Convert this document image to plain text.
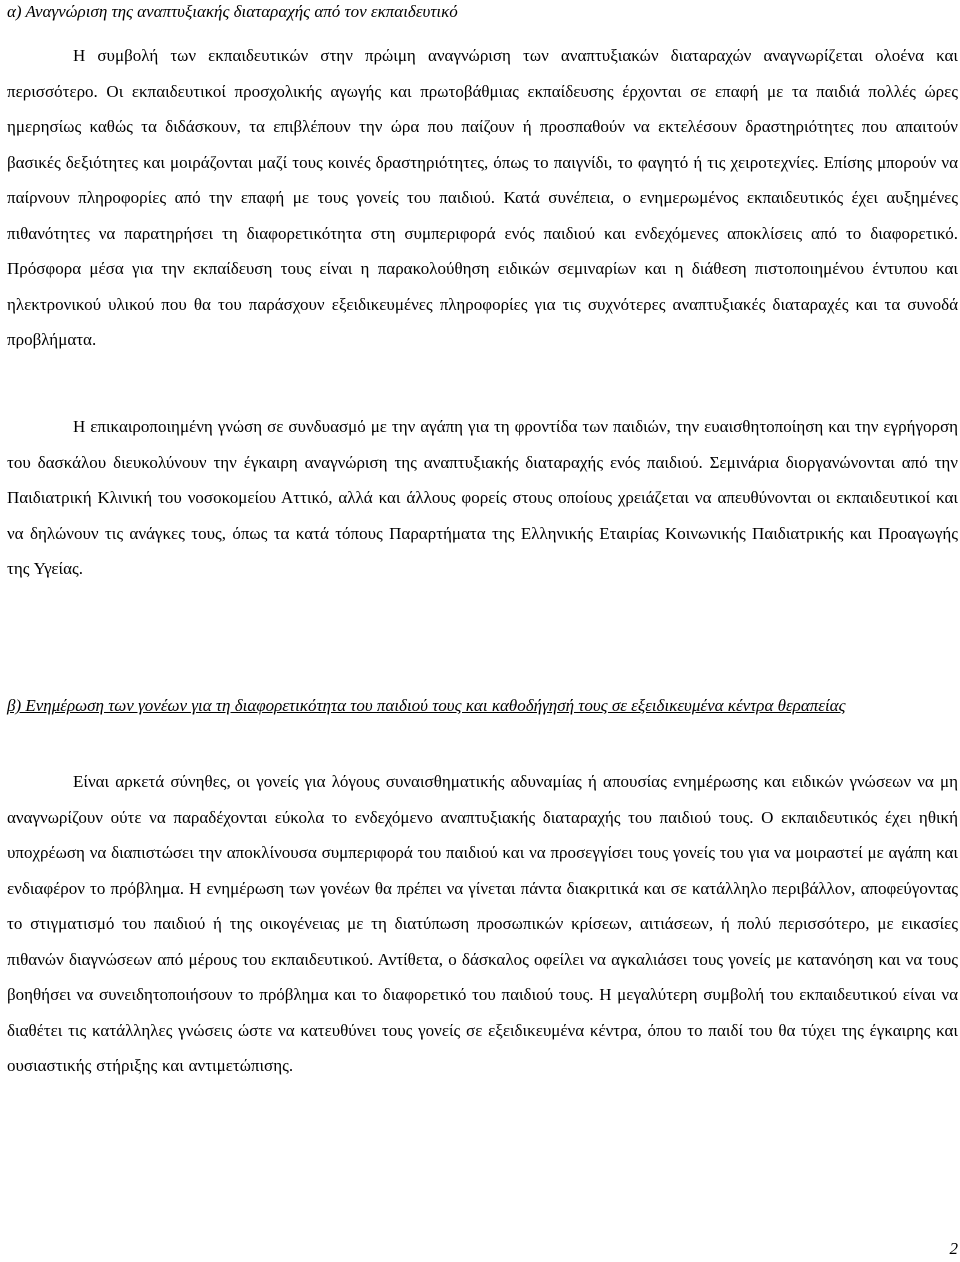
α) Αναγνώριση της αναπτυξιακής διαταραχής από τον εκπαιδευτικό

Η συμβολή των εκπαιδευτικών στην πρώιμη αναγνώριση των αναπτυξιακών διαταραχών αναγνωρίζεται ολοένα και περισσότερο. Οι εκπαιδευτικοί προσχολικής αγωγής και πρωτοβάθμιας εκπαίδευσης έρχονται σε επαφή με τα παιδιά πολλές ώρες ημερησίως καθώς τα διδάσκουν, τα επιβλέπουν την ώρα που παίζουν ή προσπαθούν να εκτελέσουν δραστηριότητες που απαιτούν βασικές δεξιότητες και μοιράζονται μαζί τους κοινές δραστηριότητες, όπως το παιγνίδι, το φαγητό ή τις χειροτεχνίες. Επίσης μπορούν να παίρνουν πληροφορίες από την επαφή με τους γονείς του παιδιού. Κατά συνέπεια, ο ενημερωμένος εκπαιδευτικός έχει αυξημένες πιθανότητες να παρατηρήσει τη διαφορετικότητα στη συμπεριφορά ενός παιδιού και ενδεχόμενες αποκλίσεις από το διαφορετικό. Πρόσφορα μέσα για την εκπαίδευση τους είναι η παρακολούθηση ειδικών σεμιναρίων και η διάθεση πιστοποιημένου έντυπου και ηλεκτρονικού υλικού που θα του παράσχουν εξειδικευμένες πληροφορίες για τις συχνότερες αναπτυξιακές διαταραχές και τα συνοδά προβλήματα.

Η επικαιροποιημένη γνώση σε συνδυασμό με την αγάπη για τη φροντίδα των παιδιών, την ευαισθητοποίηση και την εγρήγορση του δασκάλου διευκολύνουν την έγκαιρη αναγνώριση της αναπτυξιακής διαταραχής ενός παιδιού. Σεμινάρια διοργανώνονται από την Παιδιατρική Κλινική του νοσοκομείου Αττικό, αλλά και άλλους φορείς στους οποίους χρειάζεται να απευθύνονται οι εκπαιδευτικοί και να δηλώνουν τις ανάγκες τους, όπως τα κατά τόπους Παραρτήματα της Ελληνικής Εταιρίας Κοινωνικής Παιδιατρικής και Προαγωγής της Υγείας.

β) Ενημέρωση των γονέων για τη διαφορετικότητα του παιδιού τους και καθοδήγησή τους σε εξειδικευμένα κέντρα θεραπείας

Είναι αρκετά σύνηθες, οι γονείς για λόγους συναισθηματικής αδυναμίας ή απουσίας ενημέρωσης και ειδικών γνώσεων να μη αναγνωρίζουν ούτε να παραδέχονται εύκολα το ενδεχόμενο αναπτυξιακής διαταραχής του παιδιού τους. Ο εκπαιδευτικός έχει ηθική υποχρέωση να διαπιστώσει την αποκλίνουσα συμπεριφορά του παιδιού και να προσεγγίσει τους γονείς του για να μοιραστεί με αγάπη και ενδιαφέρον το πρόβλημα. Η ενημέρωση των γονέων θα πρέπει να γίνεται πάντα διακριτικά και σε κατάλληλο περιβάλλον, αποφεύγοντας το στιγματισμό του παιδιού ή της οικογένειας με τη διατύπωση προσωπικών κρίσεων, αιτιάσεων, ή πολύ περισσότερο, με εικασίες πιθανών διαγνώσεων από μέρους του εκπαιδευτικού. Αντίθετα, ο δάσκαλος οφείλει να αγκαλιάσει τους γονείς με κατανόηση και να τους βοηθήσει να συνειδητοποιήσουν το πρόβλημα και το διαφορετικό του παιδιού τους. Η μεγαλύτερη συμβολή του εκπαιδευτικού είναι να διαθέτει τις κατάλληλες γνώσεις ώστε να κατευθύνει τους γονείς σε εξειδικευμένα κέντρα, όπου το παιδί του θα τύχει της έγκαιρης και ουσιαστικής στήριξης και αντιμετώπισης.

2
